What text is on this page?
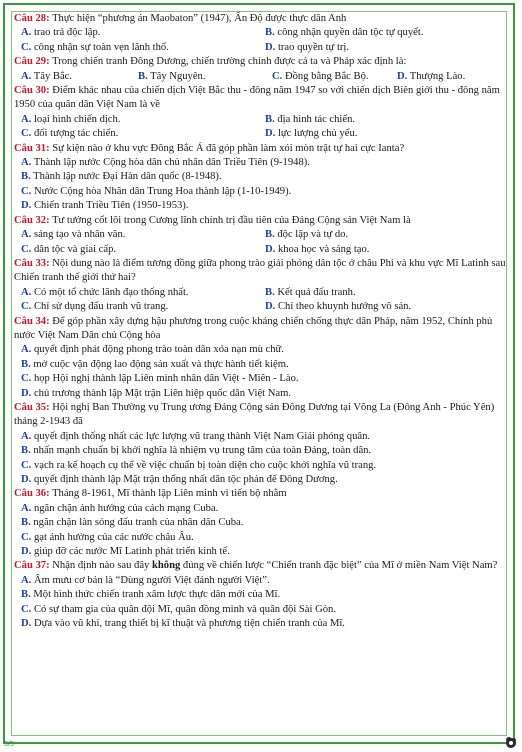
Câu 28: Thực hiện “phương án Maobaton” (1947), Ấn Độ được thực dân Anh
A. trao trả độc lập.	B. công nhận quyền dân tộc tự quyết.
C. công nhận sự toàn vẹn lãnh thổ.	D. trao quyền tự trị.
Câu 29: Trong chiến tranh Đông Dương, chiến trường chính được cả ta và Pháp xác định là:
A. Tây Bắc.	B. Tây Nguyên.	C. Đồng bằng Bắc Bộ.	D. Thượng Lào.
Câu 30: Điểm khác nhau của chiến dịch Việt Bắc thu - đông năm 1947 so với chiến dịch Biên giới thu - đông năm 1950 của quân dân Việt Nam là về
A. loại hình chiến dịch.	B. địa hình tác chiến.
C. đối tượng tác chiến.	D. lực lượng chủ yếu.
Câu 31: Sự kiện nào ở khu vực Đông Bắc Á đã góp phần làm xói mòn trật tự hai cực Ianta?
A. Thành lập nước Cộng hòa dân chủ nhân dân Triều Tiên (9-1948).
B. Thành lập nước Đại Hàn dân quốc (8-1948).
C. Nước Cộng hòa Nhân dân Trung Hoa thành lập (1-10-1949).
D. Chiến tranh Triều Tiên (1950-1953).
Câu 32: Tư tưởng cốt lõi trong Cương lĩnh chính trị đầu tiên của Đảng Cộng sản Việt Nam là
A. sáng tạo và nhân văn.	B. độc lập và tự do.
C. dân tộc và giai cấp.	D. khoa học và sáng tạo.
Câu 33: Nội dung nào là điểm tương đồng giữa phong trào giải phóng dân tộc ở châu Phi và khu vực Mĩ Latinh sau Chiến tranh thế giới thứ hai?
A. Có một tổ chức lãnh đạo thống nhất.	B. Kết quả đấu tranh.
C. Chỉ sử dụng đấu tranh vũ trang.	D. Chỉ theo khuynh hướng vô sản.
Câu 34: Để góp phần xây dựng hậu phương trong cuộc kháng chiến chống thực dân Pháp, năm 1952, Chính phủ nước Việt Nam Dân chủ Cộng hòa
A. quyết định phát động phong trào toàn dân xóa nạn mù chữ.
B. mở cuộc vận động lao động sản xuất và thực hành tiết kiệm.
C. họp Hội nghị thành lập Liên minh nhân dân Việt - Miên - Lào.
D. chủ trương thành lập Mặt trận Liên hiệp quốc dân Việt Nam.
Câu 35: Hội nghị Ban Thường vụ Trung ương Đảng Cộng sản Đông Dương tại Võng La (Đông Anh - Phúc Yên) tháng 2-1943 đã
A. quyết định thống nhất các lực lượng vũ trang thành Việt Nam Giải phóng quân.
B. nhấn mạnh chuẩn bị khởi nghĩa là nhiệm vụ trung tâm của toàn Đảng, toàn dân.
C. vạch ra kế hoạch cụ thể về việc chuẩn bị toàn diện cho cuộc khởi nghĩa vũ trang.
D. quyết định thành lập Mặt trận thống nhất dân tộc phản đế Đông Dương.
Câu 36: Tháng 8-1961, Mĩ thành lập Liên minh vì tiến bộ nhằm
A. ngăn chặn ảnh hưởng của cách mạng Cuba.
B. ngăn chặn làn sóng đấu tranh của nhân dân Cuba.
C. gạt ảnh hưởng của các nước châu Âu.
D. giúp đỡ các nước Mĩ Latinh phát triển kinh tế.
Câu 37: Nhận định nào sau đây không đúng về chiến lược “Chiến tranh đặc biệt” của Mĩ ở miền Nam Việt Nam?
A. Âm mưu cơ bản là “Dùng người Việt đánh người Việt”.
B. Một hình thức chiến tranh xâm lược thực dân mới của Mĩ.
C. Có sự tham gia của quân đội Mĩ, quân đồng minh và quân đội Sài Gòn.
D. Dựa vào vũ khí, trang thiết bị kĩ thuật và phương tiện chiến tranh của Mĩ.
3/5
